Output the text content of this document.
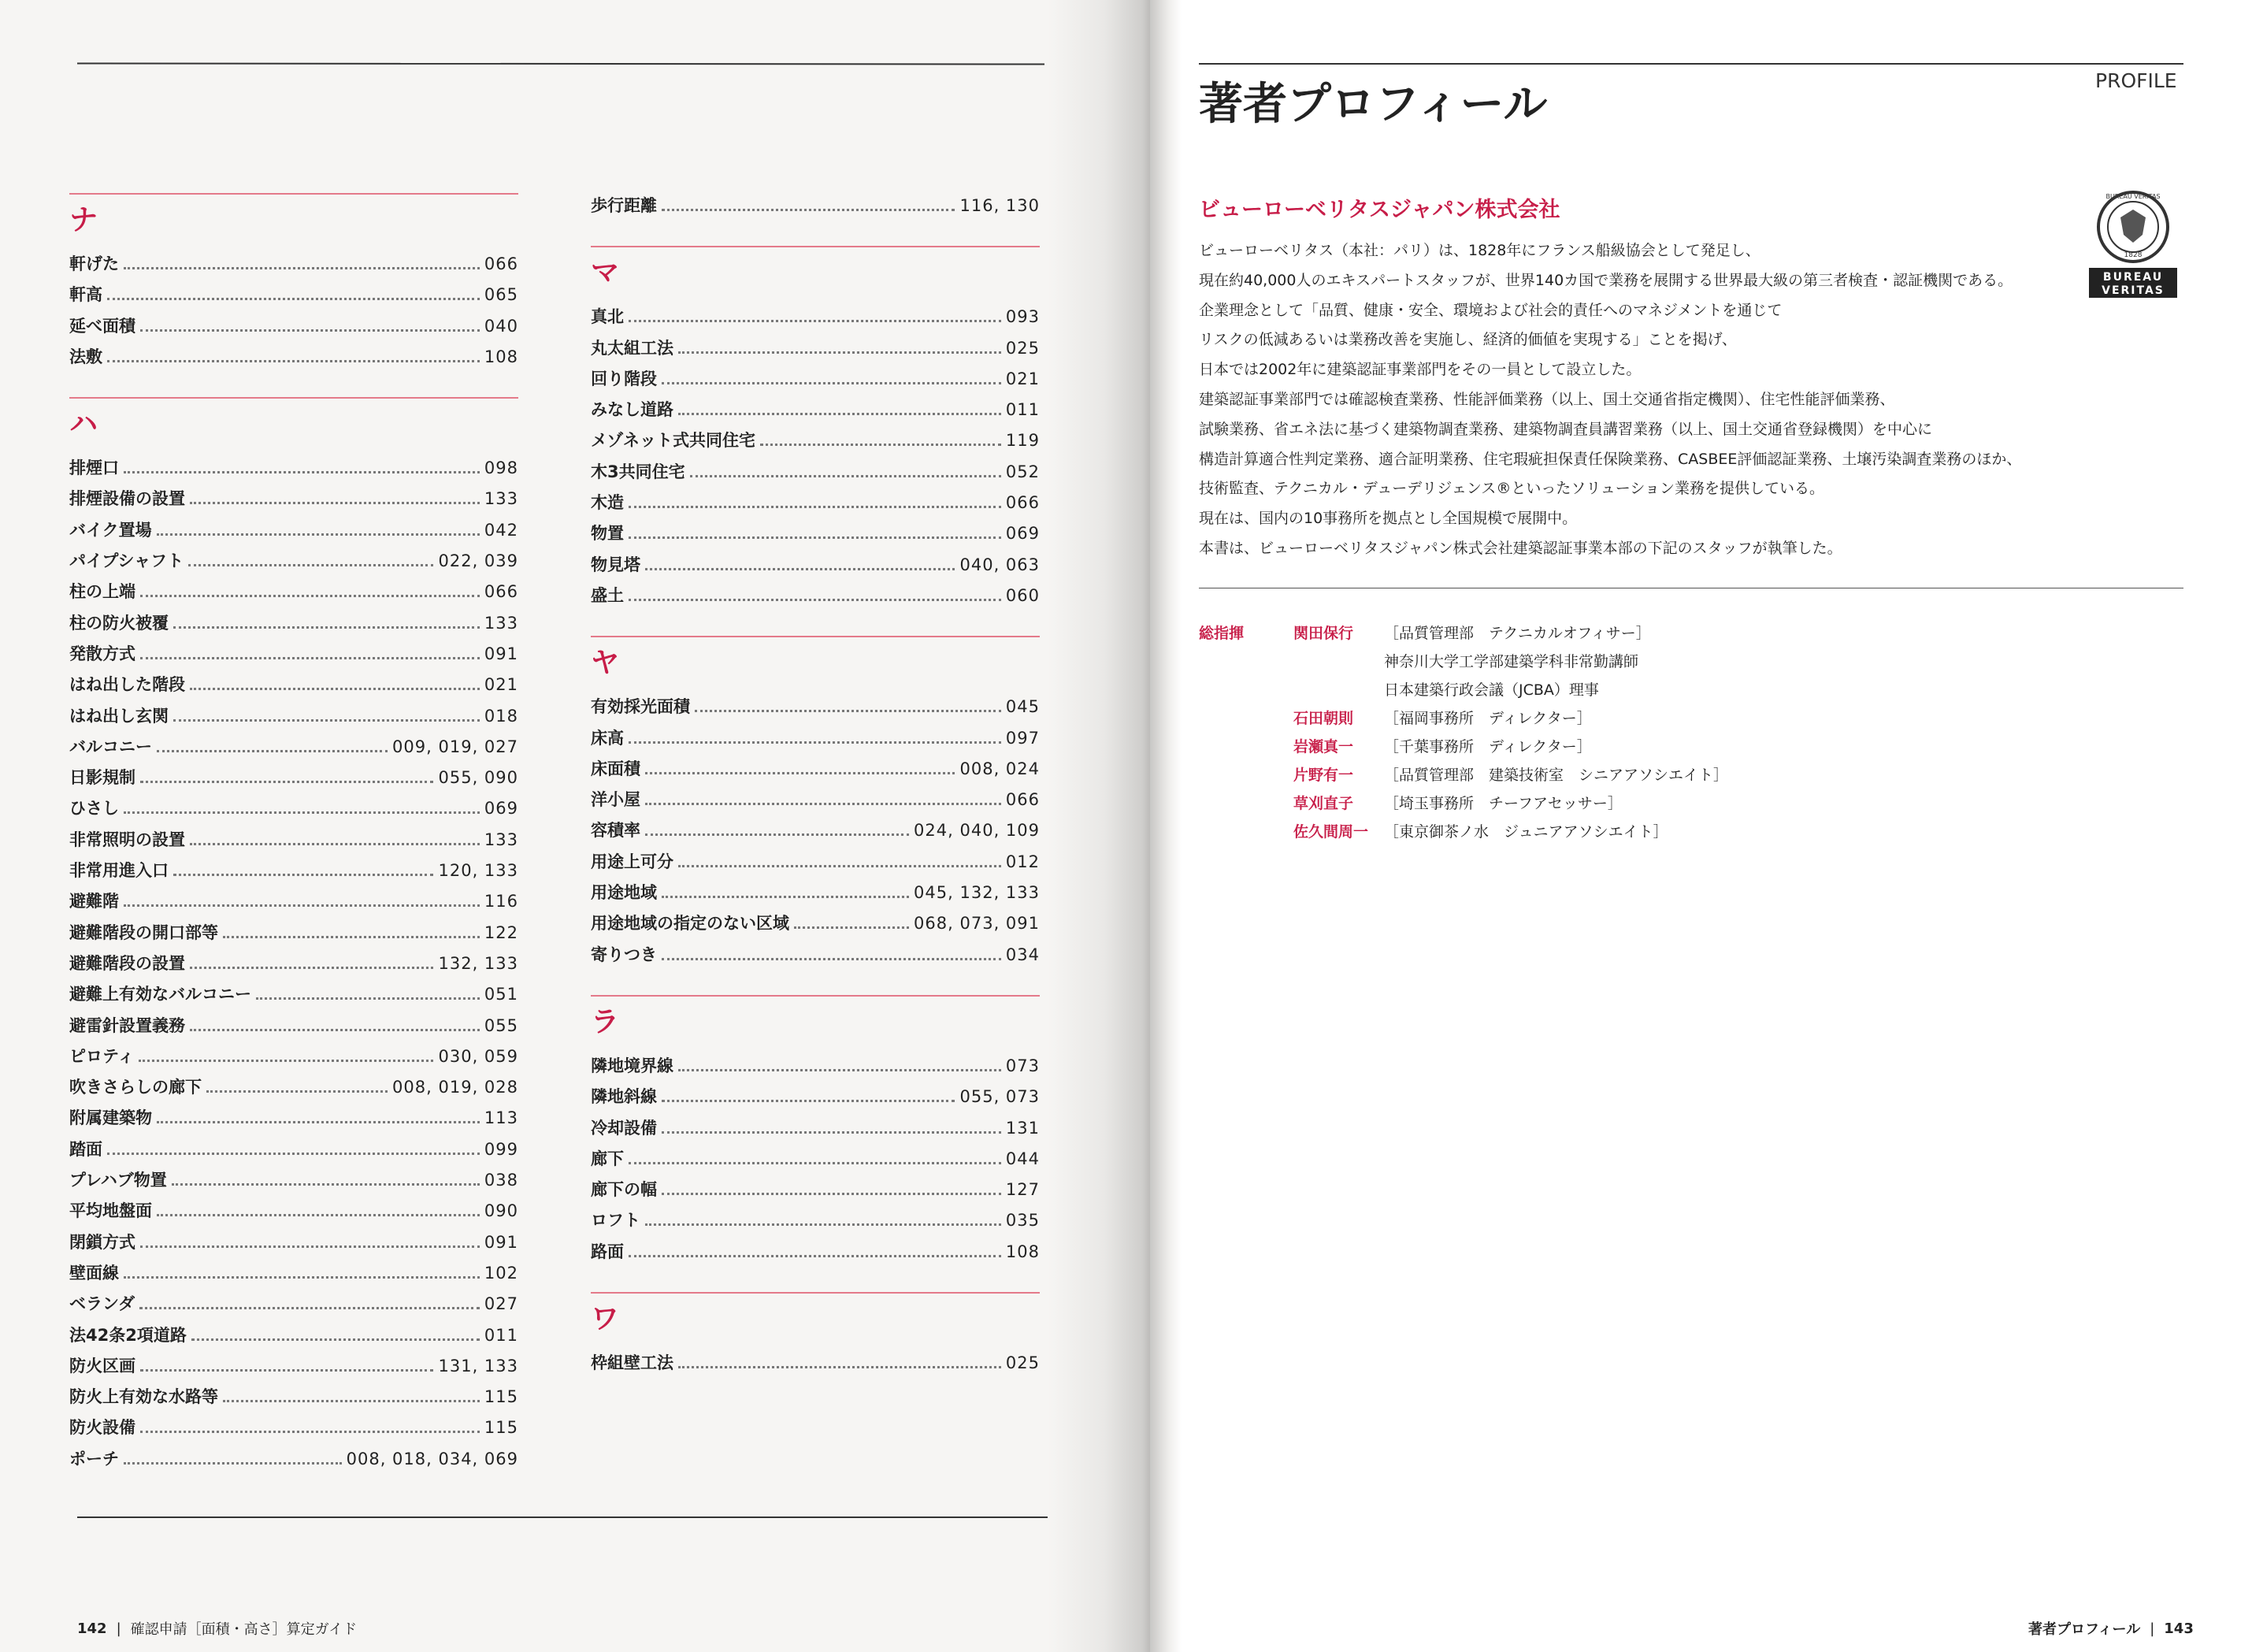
ナ
軒げた	066
軒高	065
延べ面積	040
法敷	108
ハ
排煙口	098
排煙設備の設置	133
バイク置場	042
パイプシャフト	022, 039
柱の上端	066
柱の防火被覆	133
発散方式	091
はね出した階段	021
はね出し玄関	018
バルコニー	009, 019, 027
日影規制	055, 090
ひさし	069
非常照明の設置	133
非常用進入口	120, 133
避難階	116
避難階段の開口部等	122
避難階段の設置	132, 133
避難上有効なバルコニー	051
避雷針設置義務	055
ピロティ	030, 059
吹きさらしの廊下	008, 019, 028
附属建築物	113
踏面	099
プレハブ物置	038
平均地盤面	090
閉鎖方式	091
壁面線	102
ベランダ	027
法42条2項道路	011
防火区画	131, 133
防火上有効な水路等	115
防火設備	115
ポーチ	008, 018, 034, 069
歩行距離	116, 130
マ
真北	093
丸太組工法	025
回り階段	021
みなし道路	011
メゾネット式共同住宅	119
木3共同住宅	052
木造	066
物置	069
物見塔	040, 063
盛土	060
ヤ
有効採光面積	045
床高	097
床面積	008, 024
洋小屋	066
容積率	024, 040, 109
用途上可分	012
用途地域	045, 132, 133
用途地域の指定のない区域	068, 073, 091
寄りつき	034
ラ
隣地境界線	073
隣地斜線	055, 073
冷却設備	131
廊下	044
廊下の幅	127
ロフト	035
路面	108
ワ
枠組壁工法	025
142 | 確認申請［面積・高さ］算定ガイド
著者プロフィール	PROFILE
ビューローベリタスジャパン株式会社
1828
BUREAU VERITAS
BUREAU
VERITAS

ビューローベリタス（本社：パリ）は、1828年にフランス船級協会として発足し、

現在約40,000人のエキスパートスタッフが、世界140カ国で業務を展開する世界最大級の第三者検査・認証機関である。

企業理念として「品質、健康・安全、環境および社会的責任へのマネジメントを通じて

リスクの低減あるいは業務改善を実施し、経済的価値を実現する」ことを掲げ、

日本では2002年に建築認証事業部門をその一員として設立した。

建築認証事業部門では確認検査業務、性能評価業務（以上、国土交通省指定機関）、住宅性能評価業務、

試験業務、省エネ法に基づく建築物調査業務、建築物調査員講習業務（以上、国土交通省登録機関）を中心に

構造計算適合性判定業務、適合証明業務、住宅瑕疵担保責任保険業務、CASBEE評価認証業務、土壌汚染調査業務のほか、

技術監査、テクニカル・デューデリジェンス®といったソリューション業務を提供している。

現在は、国内の10事務所を拠点とし全国規模で展開中。

本書は、ビューローベリタスジャパン株式会社建築認証事業本部の下記のスタッフが執筆した。

総指揮	関田保行	［品質管理部　テクニカルオフィサー］

神奈川大学工学部建築学科非常勤講師

日本建築行政会議（JCBA）理事

石田朝則	［福岡事務所　ディレクター］

岩瀬真一	［千葉事務所　ディレクター］

片野有一	［品質管理部　建築技術室　シニアアソシエイト］

草刈直子	［埼玉事務所　チーフアセッサー］

佐久間周一	［東京御茶ノ水　ジュニアアソシエイト］

著者プロフィール | 143
